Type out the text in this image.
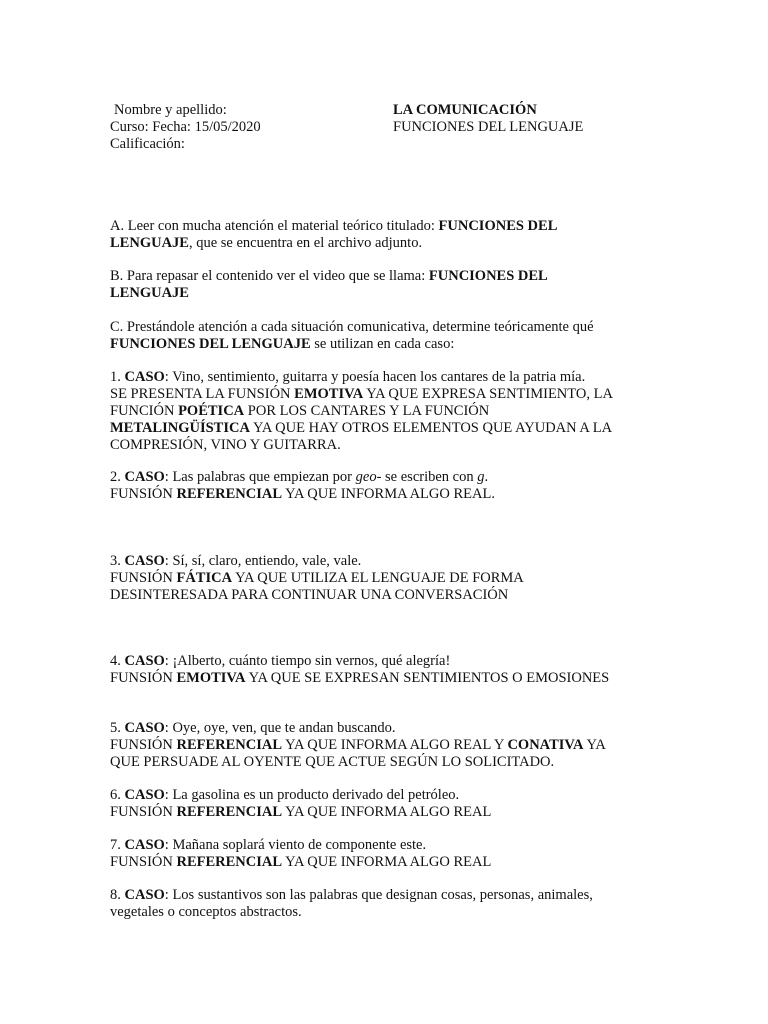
Nombre y apellido:
Curso: Fecha: 15/05/2020
Calificación:
LA COMUNICACIÓN
FUNCIONES DEL LENGUAJE
A. Leer con mucha atención el material teórico titulado: FUNCIONES DEL
LENGUAJE, que se encuentra en el archivo adjunto.
B. Para repasar el contenido ver el video que se llama: FUNCIONES DEL
LENGUAJE
C. Prestándole atención a cada situación comunicativa, determine teóricamente qué
FUNCIONES DEL LENGUAJE se utilizan en cada caso:
1. CASO: Vino, sentimiento, guitarra y poesía hacen los cantares de la patria mía.
SE PRESENTA LA FUNSIÓN EMOTIVA YA QUE EXPRESA SENTIMIENTO, LA
FUNCIÓN POÉTICA POR LOS CANTARES Y LA FUNCIÓN
METALINGÜÍSTICA YA QUE HAY OTROS ELEMENTOS QUE AYUDAN A LA
COMPRESIÓN, VINO Y GUITARRA.
2. CASO: Las palabras que empiezan por geo- se escriben con g.
FUNSIÓN REFERENCIAL YA QUE INFORMA ALGO REAL.
3. CASO: Sí, sí, claro, entiendo, vale, vale.
FUNSIÓN FÁTICA YA QUE UTILIZA EL LENGUAJE DE FORMA
DESINTERESADA PARA CONTINUAR UNA CONVERSACIÓN
4. CASO: ¡Alberto, cuánto tiempo sin vernos, qué alegría!
FUNSIÓN EMOTIVA YA QUE SE EXPRESAN SENTIMIENTOS O EMOSIONES
5. CASO: Oye, oye, ven, que te andan buscando.
FUNSIÓN REFERENCIAL YA QUE INFORMA ALGO REAL Y CONATIVA YA
QUE PERSUADE AL OYENTE QUE ACTUE SEGÚN LO SOLICITADO.
6. CASO: La gasolina es un producto derivado del petróleo.
FUNSIÓN REFERENCIAL YA QUE INFORMA ALGO REAL
7. CASO: Mañana soplará viento de componente este.
FUNSIÓN REFERENCIAL YA QUE INFORMA ALGO REAL
8. CASO: Los sustantivos son las palabras que designan cosas, personas, animales,
vegetales o conceptos abstractos.
